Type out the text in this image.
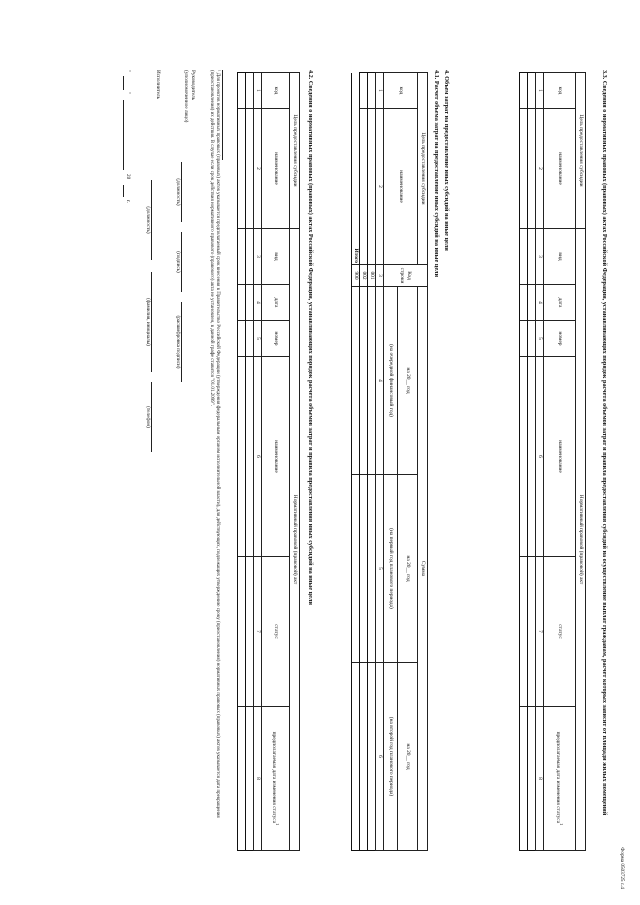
Форма 0503725 с.4
3.3. Сведения о нормативных правовых (правовых) актах Российской Федерации, устанавливающих порядок расчета объемов затрат и правила предоставления субсидий на осуществление выплат гражданам, расчет которых зависит от площади жилых помещений
Цель предоставления субсидии		Нормативный правовой (правовой) акт					
код	наименование	вид	дата	номер	наименование	статус	предполагаемая дата изменения статуса$^1$
1	2	3	4	5	6	7	8

4. Объем затрат на предоставление иных субсидий на иные цели
4.1. Расчет объема затрат на предоставление иных субсидий на иные цели
Цель предоставления субсидии		Код строки	Сумма		
код	наименование		на 20__ год	на 20__ год	на 20__ год
			(на очередной финансовый год)	(на первый год планового периода)	(на второй год планового периода)
1	2	3	4	5	6
		001			
		002			
	Итого	900			
4.2. Сведения о нормативных правовых (правовых) актах Российской Федерации, устанавливающих порядок расчета объемов затрат и правила предоставления иных субсидий на иные цели
Цель предоставления субсидии		Нормативный правовой (правовой) акт					
код	наименование	вид	дата	номер	наименование	статус	предполагаемая дата изменения статуса$^1$
1	2	3	4	5	6	7	8

Руководитель
(уполномоченное лицо)
(должность)
(подпись)
(расшифровка подписи)
Исполнитель
(должность)
(фамилия, инициалы)
(телефон)
"
"
20
г.	¹ Для проектов нормативных правовых (правовых) актов указывается предполагаемый срок внесения в Правительство Российской Федерации (утверждения федеральным органом исполнительной власти), для действующих, подлежащих утверждению сроку (приостановления) нормативных правовых (правовых) актов указывается дата прекращения (приостановления) их действия. В случае если срок действия нормативного правового (правового) акта не установлен, в данной графе ставится "01.01.2099".
